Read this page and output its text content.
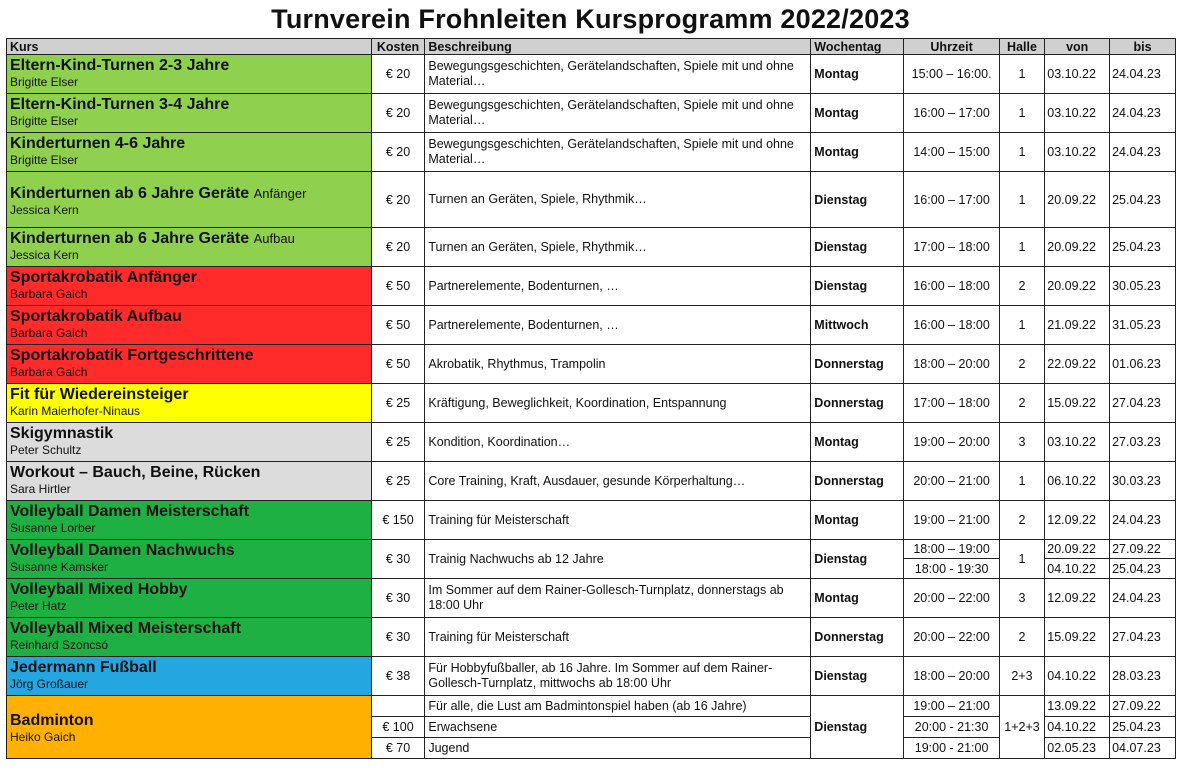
Turnverein Frohnleiten Kursprogramm 2022/2023
Kurs	Kosten	Beschreibung	Wochentag	Uhrzeit	Halle	von	bis

Eltern-Kind-Turnen 2-3 Jahre
Brigitte Elser	€ 20	Bewegungsgeschichten, Gerätelandschaften, Spiele mit und ohne Material…	Montag	15:00 – 16:00.	1	03.10.22	24.04.23

Eltern-Kind-Turnen 3-4 Jahre
Brigitte Elser	€ 20	Bewegungsgeschichten, Gerätelandschaften, Spiele mit und ohne Material…	Montag	16:00 – 17:00	1	03.10.22	24.04.23

Kinderturnen 4-6 Jahre
Brigitte Elser	€ 20	Bewegungsgeschichten, Gerätelandschaften, Spiele mit und ohne Material…	Montag	14:00 – 15:00	1	03.10.22	24.04.23

Kinderturnen ab 6 Jahre Geräte Anfänger
Jessica Kern	€ 20	Turnen an Geräten, Spiele, Rhythmik…	Dienstag	16:00 – 17:00	1	20.09.22	25.04.23

Kinderturnen ab 6 Jahre Geräte Aufbau
Jessica Kern	€ 20	Turnen an Geräten, Spiele, Rhythmik…	Dienstag	17:00 – 18:00	1	20.09.22	25.04.23

Sportakrobatik Anfänger
Barbara Gaich	€ 50	Partnerelemente, Bodenturnen, …	Dienstag	16:00 – 18:00	2	20.09.22	30.05.23

Sportakrobatik Aufbau
Barbara Gaich	€ 50	Partnerelemente, Bodenturnen, …	Mittwoch	16:00 – 18:00	1	21.09.22	31.05.23

Sportakrobatik Fortgeschrittene
Barbara Gaich	€ 50	Akrobatik, Rhythmus, Trampolin	Donnerstag	18:00 – 20:00	2	22.09.22	01.06.23

Fit für Wiedereinsteiger
Karin Maierhofer-Ninaus	€ 25	Kräftigung, Beweglichkeit, Koordination, Entspannung	Donnerstag	17:00 – 18:00	2	15.09.22	27.04.23

Skigymnastik
Peter Schultz	€ 25	Kondition, Koordination…	Montag	19:00 – 20:00	3	03.10.22	27.03.23

Workout – Bauch, Beine, Rücken
Sara Hirtler	€ 25	Core Training, Kraft, Ausdauer, gesunde Körperhaltung…	Donnerstag	20:00 – 21:00	1	06.10.22	30.03.23

Volleyball Damen Meisterschaft
Susanne Lorber	€ 150	Training für Meisterschaft	Montag	19:00 – 21:00	2	12.09.22	24.04.23

Volleyball Damen Nachwuchs
Susanne Kamsker	€ 30	Trainig Nachwuchs ab 12 Jahre	Dienstag	18:00 – 19:00	1	20.09.22	27.09.22
				18:00 - 19:30		04.10.22	25.04.23

Volleyball Mixed Hobby
Peter Hatz	€ 30	Im Sommer auf dem Rainer-Gollesch-Turnplatz, donnerstags ab 18:00 Uhr	Montag	20:00 – 22:00	3	12.09.22	24.04.23

Volleyball Mixed Meisterschaft
Reinhard Szoncsó	€ 30	Training für Meisterschaft	Donnerstag	20:00 – 22:00	2	15.09.22	27.04.23

Jedermann Fußball
Jörg Großauer	€ 38	Für Hobbyfußballer, ab 16 Jahre. Im Sommer auf dem Rainer-Gollesch-Turnplatz, mittwochs ab 18:00 Uhr	Dienstag	18:00 – 20:00	2+3	04.10.22	28.03.23

Badminton
Heiko Gaich		Für alle, die Lust am Badmintonspiel haben (ab 16 Jahre)	Dienstag	19:00 – 21:00	1+2+3	13.09.22	27.09.22
	€ 100	Erwachsene		20:00 - 21:30		04.10.22	25.04.23
	€ 70	Jugend		19:00 - 21:00		02.05.23	04.07.23
